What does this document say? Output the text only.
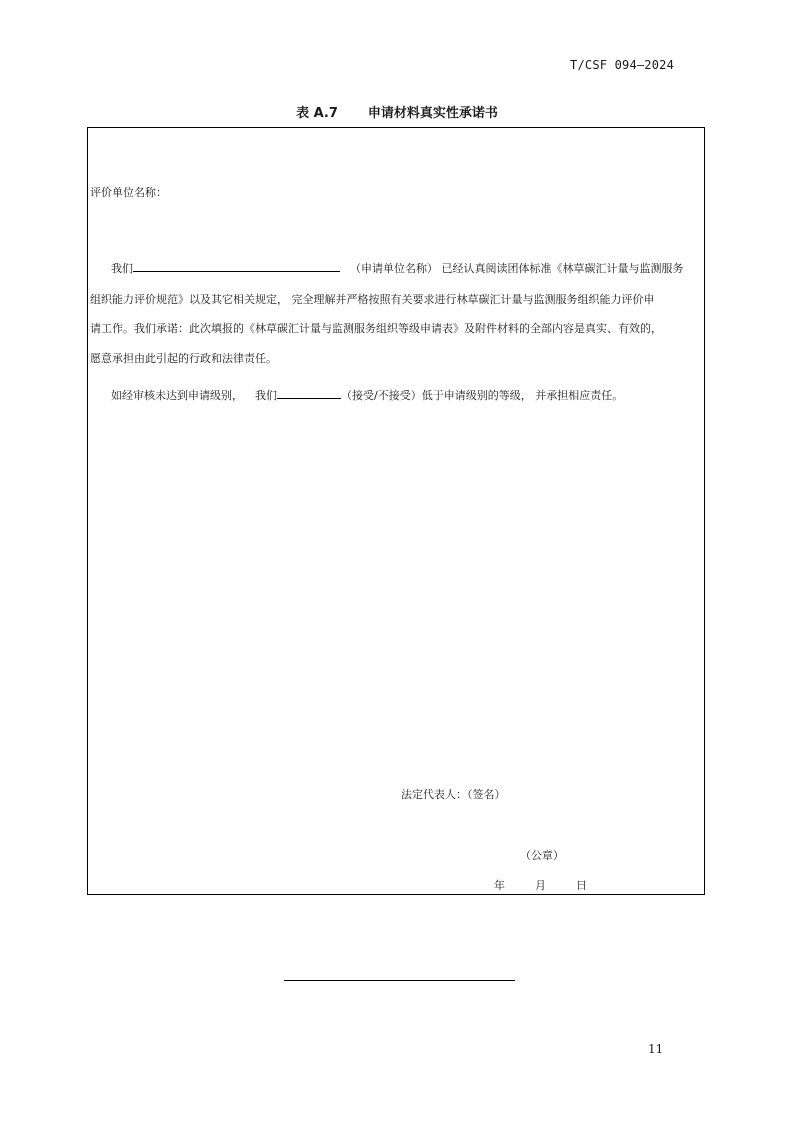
T/CSF 094—2024
表 A.7 申请材料真实性承诺书
评价单位名称：
我们	（申请单位名称） 已经认真阅读团体标准《林草碳汇计量与监测服务
组织能力评价规范》以及其它相关规定， 完全理解并严格按照有关要求进行林草碳汇计量与监测服务组织能力评价申
请工作。我们承诺：此次填报的《林草碳汇计量与监测服务组织等级申请表》及附件材料的全部内容是真实、有效的，
愿意承担由此引起的行政和法律责任。
如经审核未达到申请级别， 我们	（接受/不接受）低于申请级别的等级， 并承担相应责任。
法定代表人：（签名）
（公章）
年	月	日
11
